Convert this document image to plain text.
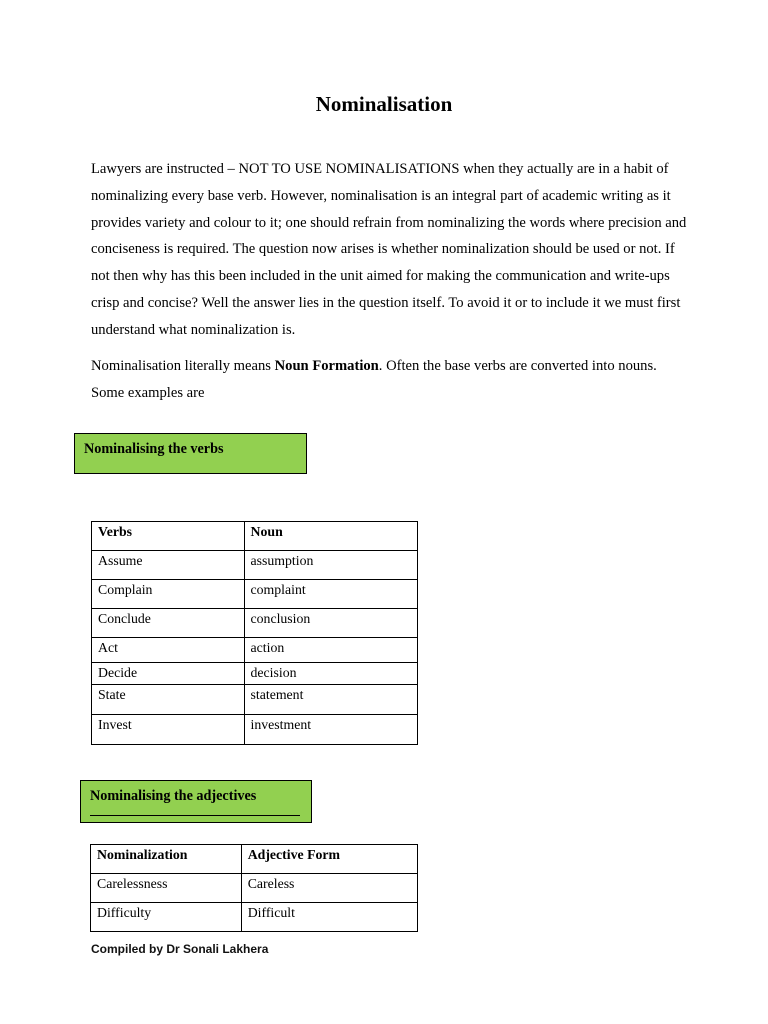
Nominalisation

Lawyers are instructed – NOT TO USE NOMINALISATIONS when they actually are in a habit of nominalizing every base verb. However, nominalisation is an integral part of academic writing as it provides variety and colour to it; one should refrain from nominalizing the words where precision and conciseness is required. The question now arises is whether nominalization should be used or not. If not then why has this been included in the unit aimed for making the communication and write-ups crisp and concise? Well the answer lies in the question itself. To avoid it or to include it we must first understand what nominalization is.

Nominalisation literally means Noun Formation. Often the base verbs are converted into nouns. Some examples are

Nominalising the verbs
Verbs	Noun
Assume	assumption
Complain	complaint
Conclude	conclusion
Act	action
Decide	decision
State	statement
Invest	investment
Nominalising the adjectives
Nominalization	Adjective Form
Carelessness	Careless
Difficulty	Difficult

Compiled by Dr Sonali Lakhera
